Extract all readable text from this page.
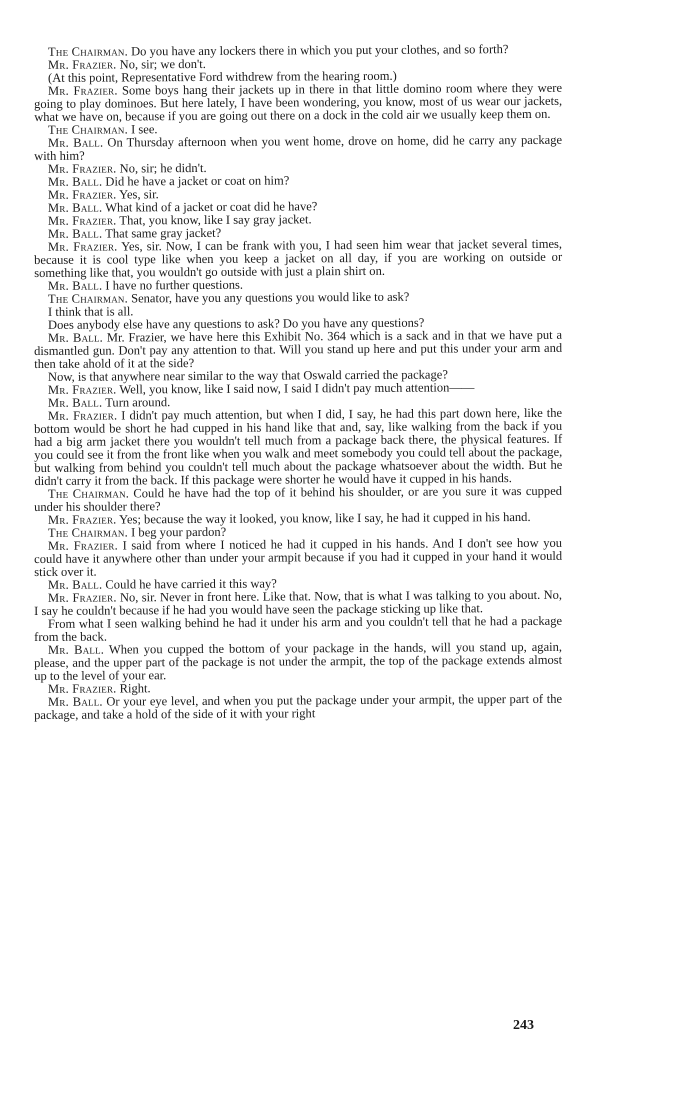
The Chairman. Do you have any lockers there in which you put your clothes, and so forth?

Mr. Frazier. No, sir; we don't.

(At this point, Representative Ford withdrew from the hearing room.)

Mr. Frazier. Some boys hang their jackets up in there in that little domino room where they were going to play dominoes. But here lately, I have been wondering, you know, most of us wear our jackets, what we have on, because if you are going out there on a dock in the cold air we usually keep them on.

The Chairman. I see.

Mr. Ball. On Thursday afternoon when you went home, drove on home, did he carry any package with him?

Mr. Frazier. No, sir; he didn't.

Mr. Ball. Did he have a jacket or coat on him?

Mr. Frazier. Yes, sir.

Mr. Ball. What kind of a jacket or coat did he have?

Mr. Frazier. That, you know, like I say gray jacket.

Mr. Ball. That same gray jacket?

Mr. Frazier. Yes, sir. Now, I can be frank with you, I had seen him wear that jacket several times, because it is cool type like when you keep a jacket on all day, if you are working on outside or something like that, you wouldn't go outside with just a plain shirt on.

Mr. Ball. I have no further questions.

The Chairman. Senator, have you any questions you would like to ask?

I think that is all.

Does anybody else have any questions to ask? Do you have any questions?

Mr. Ball. Mr. Frazier, we have here this Exhibit No. 364 which is a sack and in that we have put a dismantled gun. Don't pay any attention to that. Will you stand up here and put this under your arm and then take ahold of it at the side?

Now, is that anywhere near similar to the way that Oswald carried the package?

Mr. Frazier. Well, you know, like I said now, I said I didn't pay much attention——

Mr. Ball. Turn around.

Mr. Frazier. I didn't pay much attention, but when I did, I say, he had this part down here, like the bottom would be short he had cupped in his hand like that and, say, like walking from the back if you had a big arm jacket there you wouldn't tell much from a package back there, the physical features. If you could see it from the front like when you walk and meet somebody you could tell about the package, but walking from behind you couldn't tell much about the package whatsoever about the width. But he didn't carry it from the back. If this package were shorter he would have it cupped in his hands.

The Chairman. Could he have had the top of it behind his shoulder, or are you sure it was cupped under his shoulder there?

Mr. Frazier. Yes; because the way it looked, you know, like I say, he had it cupped in his hand.

The Chairman. I beg your pardon?

Mr. Frazier. I said from where I noticed he had it cupped in his hands. And I don't see how you could have it anywhere other than under your armpit because if you had it cupped in your hand it would stick over it.

Mr. Ball. Could he have carried it this way?

Mr. Frazier. No, sir. Never in front here. Like that. Now, that is what I was talking to you about. No, I say he couldn't because if he had you would have seen the package sticking up like that.

From what I seen walking behind he had it under his arm and you couldn't tell that he had a package from the back.

Mr. Ball. When you cupped the bottom of your package in the hands, will you stand up, again, please, and the upper part of the package is not under the armpit, the top of the package extends almost up to the level of your ear.

Mr. Frazier. Right.

Mr. Ball. Or your eye level, and when you put the package under your armpit, the upper part of the package, and take a hold of the side of it with your right

243
